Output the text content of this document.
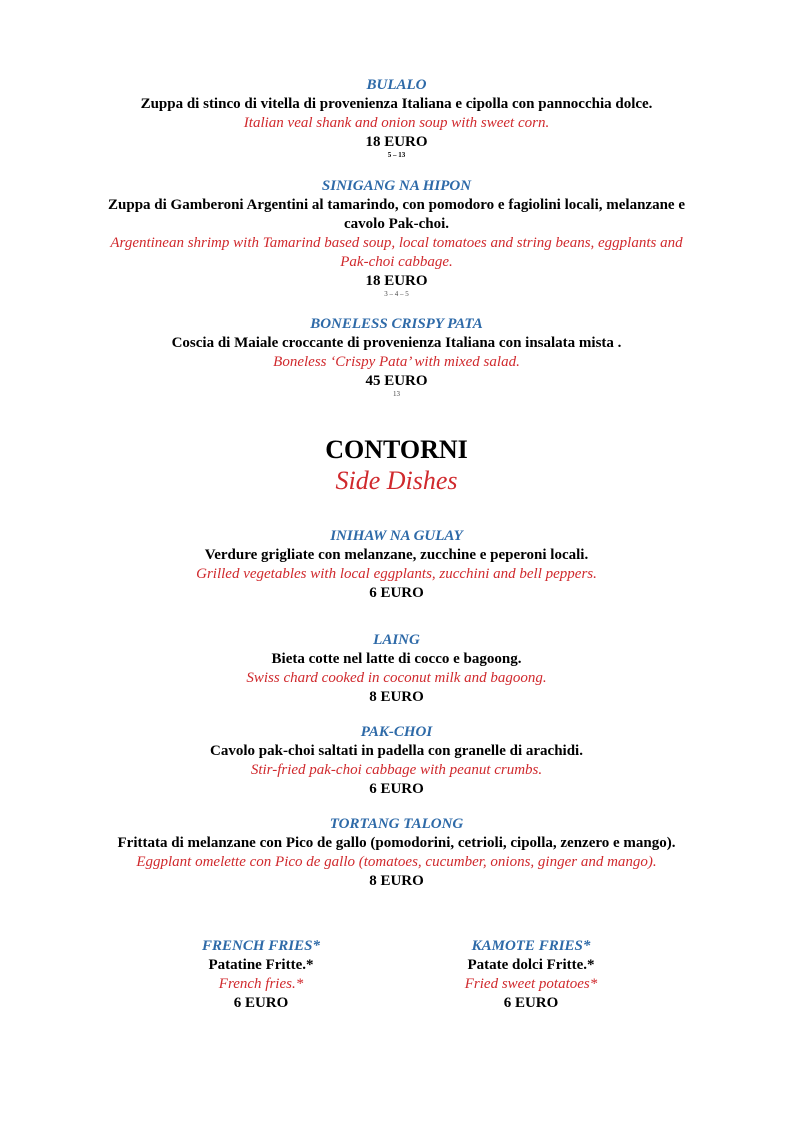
BULALO
Zuppa di stinco di vitella di provenienza Italiana e cipolla con pannocchia dolce.
Italian veal shank and onion soup with sweet corn.
18 EURO
5 – 13
SINIGANG NA HIPON
Zuppa di Gamberoni Argentini al tamarindo, con pomodoro e fagiolini locali, melanzane e
cavolo Pak-choi.
Argentinean shrimp with Tamarind based soup, local tomatoes and string beans, eggplants and
Pak-choi cabbage.
18 EURO
3 – 4 – 5
BONELESS CRISPY PATA
Coscia di Maiale croccante di provenienza Italiana con insalata mista .
Boneless ‘Crispy Pata’ with mixed salad.
45 EURO
13
CONTORNI
Side Dishes
INIHAW NA GULAY
Verdure grigliate con melanzane, zucchine e peperoni locali.
Grilled vegetables with local eggplants, zucchini and bell peppers.
6 EURO
LAING
Bieta cotte nel latte di cocco e bagoong.
Swiss chard cooked in coconut milk and bagoong.
8 EURO
PAK-CHOI
Cavolo pak-choi saltati in padella con granelle di arachidi.
Stir-fried pak-choi cabbage with peanut crumbs.
6 EURO
TORTANG TALONG
Frittata di melanzane con Pico de gallo (pomodorini, cetrioli, cipolla, zenzero e mango).
Eggplant omelette con Pico de gallo (tomatoes, cucumber, onions, ginger and mango).
8 EURO
FRENCH FRIES*
Patatine Fritte.*
French fries.*
6 EURO
KAMOTE FRIES*
Patate dolci Fritte.*
Fried sweet potatoes*
6 EURO
